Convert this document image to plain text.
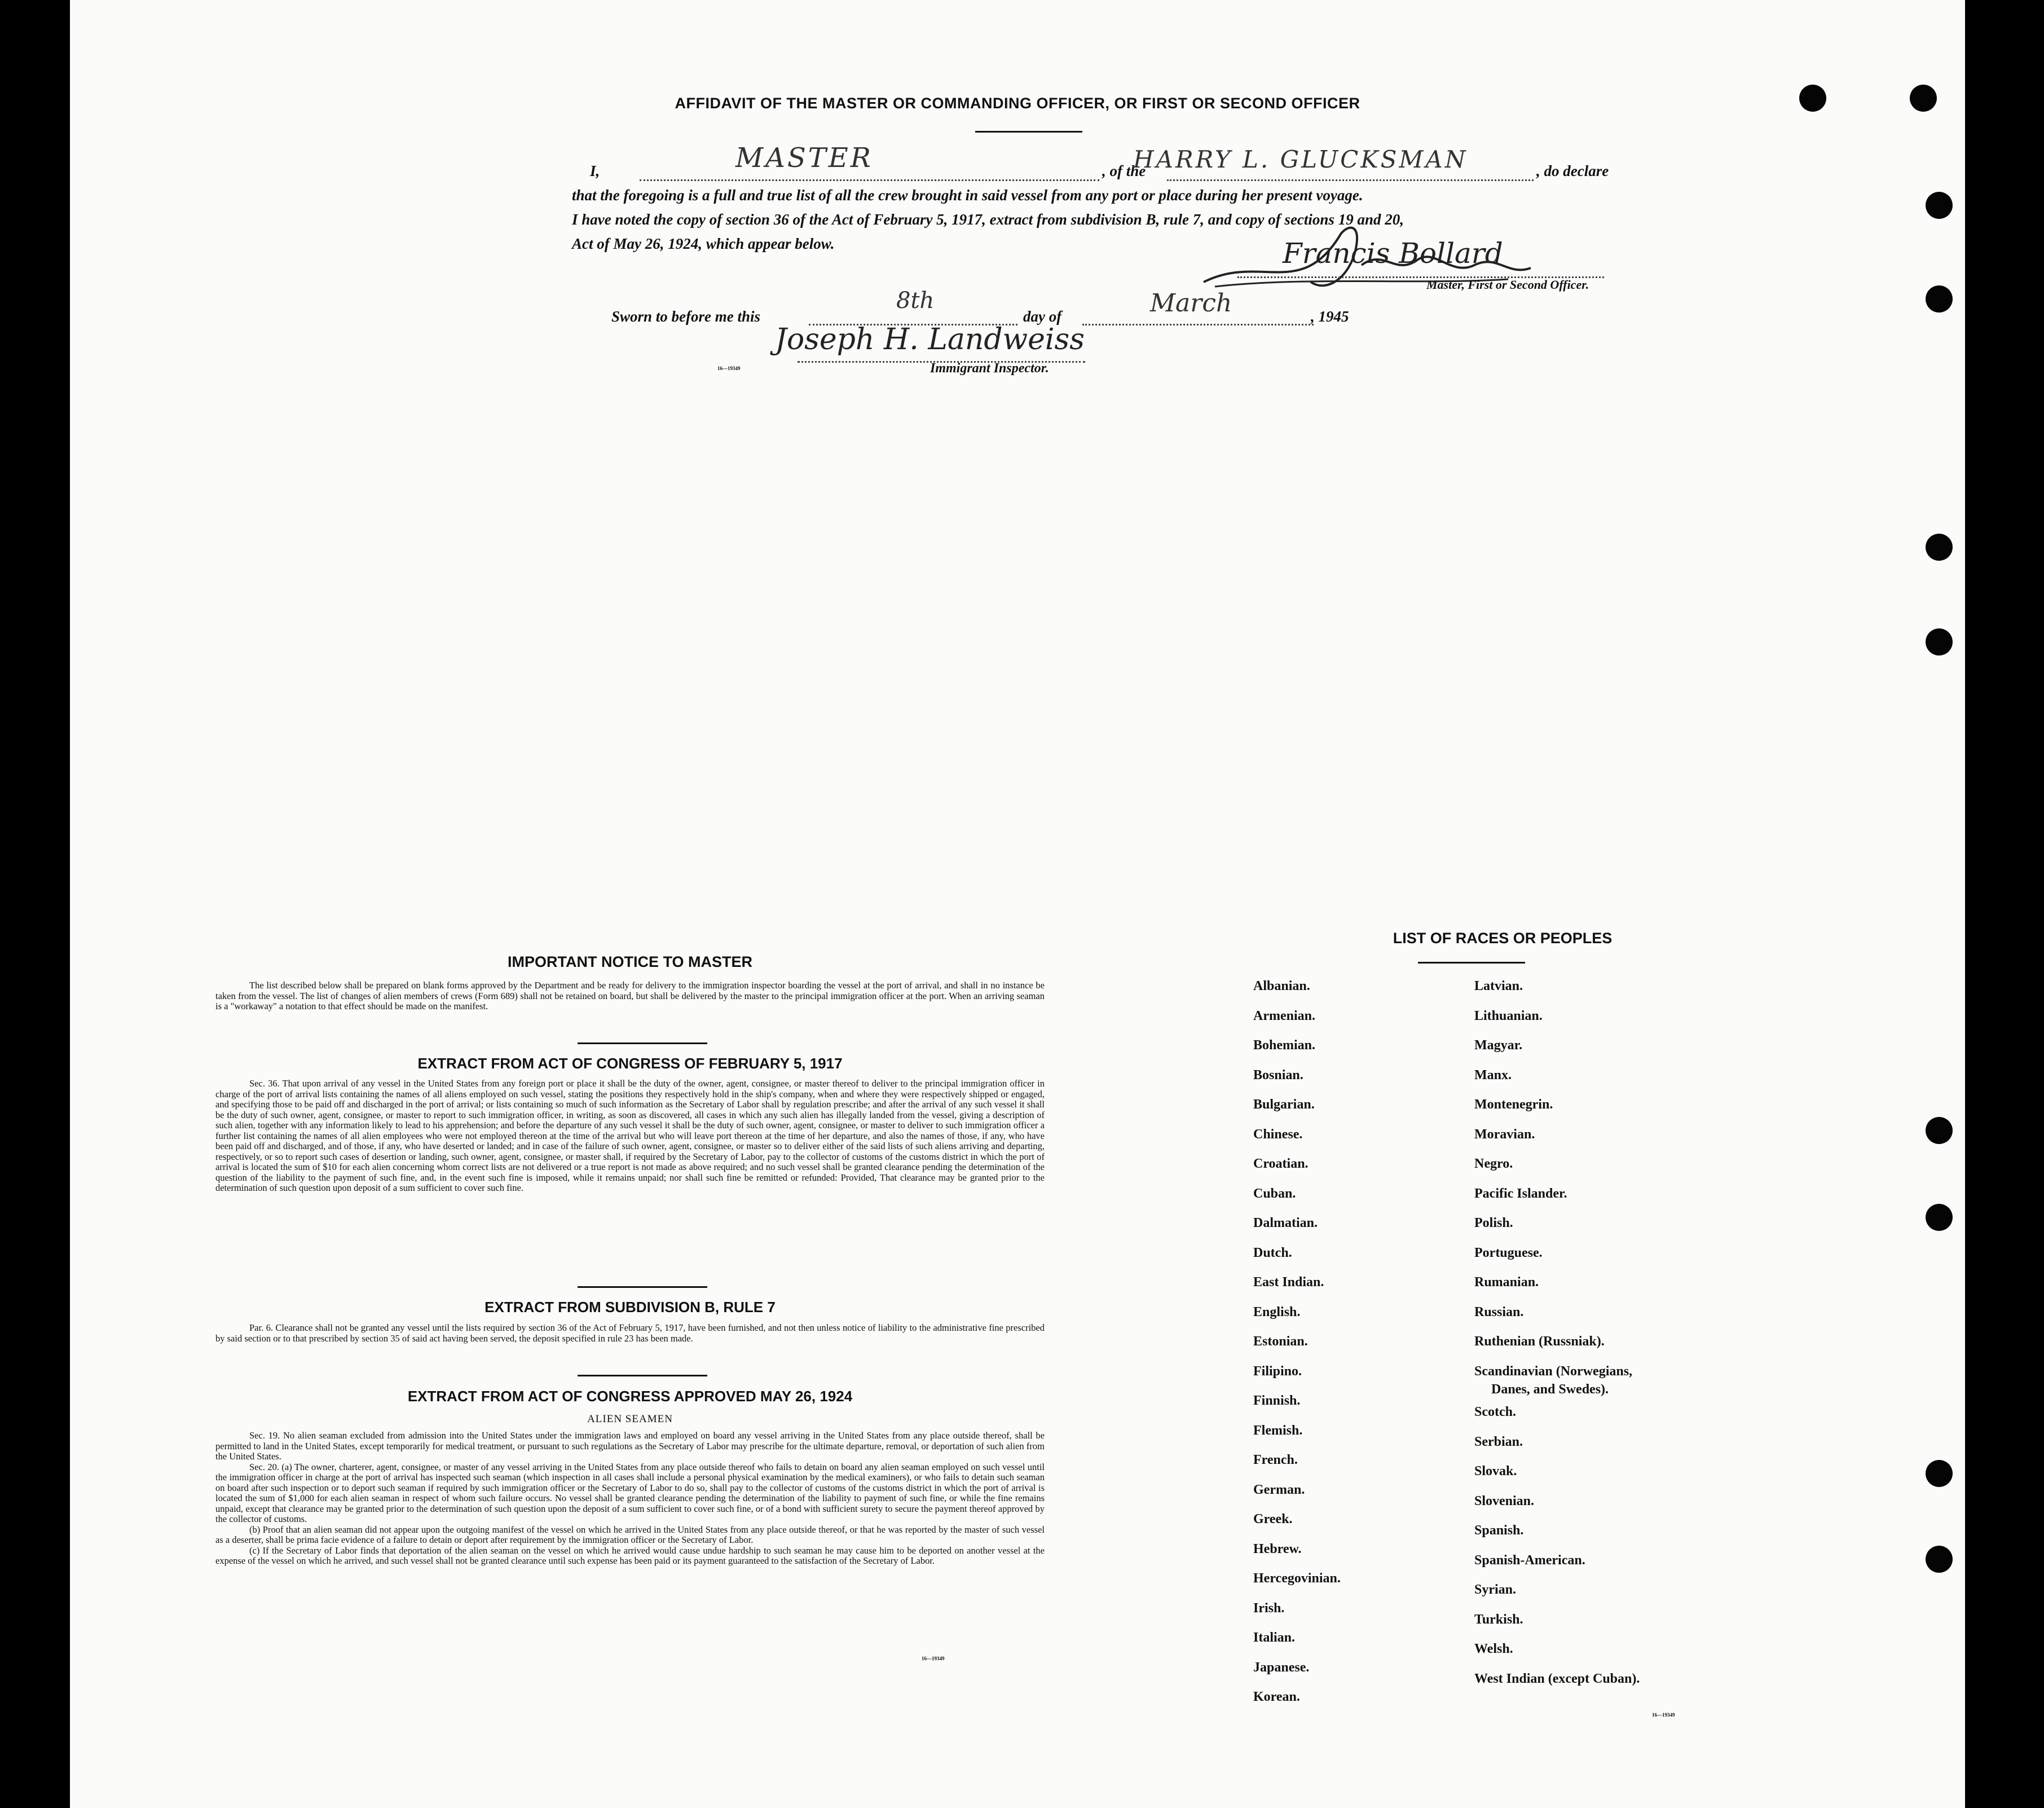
AFFIDAVIT OF THE MASTER OR COMMANDING OFFICER, OR FIRST OR SECOND OFFICER
I,	MASTER	, of the
HARRY L. GLUCKSMAN	, do declare
that the foregoing is a full and true list of all the crew brought in said vessel from any port or place during her present voyage.
I have noted the copy of section 36 of the Act of February 5, 1917, extract from subdivision B, rule 7, and copy of sections 19 and 20,
Act of May 26, 1924, which appear below.	Francis Bollard
Master, First or Second Officer.
Sworn to before me this
8th
day of	March	, 1945
Joseph H. Landweiss
16—19349	Immigrant Inspector.
IMPORTANT NOTICE TO MASTER
The list described below shall be prepared on blank forms approved by the Department and be ready for delivery to the immigration inspector boarding the vessel at the port of arrival, and shall in no instance be taken from the vessel. The list of changes of alien members of crews (Form 689) shall not be retained on board, but shall be delivered by the master to the principal immigration officer at the port. When an arriving seaman is a "workaway" a notation to that effect should be made on the manifest.
EXTRACT FROM ACT OF CONGRESS OF FEBRUARY 5, 1917
Sec. 36. That upon arrival of any vessel in the United States from any foreign port or place it shall be the duty of the owner, agent, consignee, or master thereof to deliver to the principal immigration officer in charge of the port of arrival lists containing the names of all aliens employed on such vessel, stating the positions they respectively hold in the ship's company, when and where they were respectively shipped or engaged, and specifying those to be paid off and discharged in the port of arrival; or lists containing so much of such information as the Secretary of Labor shall by regulation prescribe; and after the arrival of any such vessel it shall be the duty of such owner, agent, consignee, or master to report to such immigration officer, in writing, as soon as discovered, all cases in which any such alien has illegally landed from the vessel, giving a description of such alien, together with any information likely to lead to his apprehension; and before the departure of any such vessel it shall be the duty of such owner, agent, consignee, or master to deliver to such immigration officer a further list containing the names of all alien employees who were not employed thereon at the time of the arrival but who will leave port thereon at the time of her departure, and also the names of those, if any, who have been paid off and discharged, and of those, if any, who have deserted or landed; and in case of the failure of such owner, agent, consignee, or master so to deliver either of the said lists of such aliens arriving and departing, respectively, or so to report such cases of desertion or landing, such owner, agent, consignee, or master shall, if required by the Secretary of Labor, pay to the collector of customs of the customs district in which the port of arrival is located the sum of $10 for each alien concerning whom correct lists are not delivered or a true report is not made as above required; and no such vessel shall be granted clearance pending the determination of the question of the liability to the payment of such fine, and, in the event such fine is imposed, while it remains unpaid; nor shall such fine be remitted or refunded: Provided, That clearance may be granted prior to the determination of such question upon deposit of a sum sufficient to cover such fine.
EXTRACT FROM SUBDIVISION B, RULE 7
Par. 6. Clearance shall not be granted any vessel until the lists required by section 36 of the Act of February 5, 1917, have been furnished, and not then unless notice of liability to the administrative fine prescribed by said section or to that prescribed by section 35 of said act having been served, the deposit specified in rule 23 has been made.
EXTRACT FROM ACT OF CONGRESS APPROVED MAY 26, 1924
ALIEN SEAMEN
Sec. 19. No alien seaman excluded from admission into the United States under the immigration laws and employed on board any vessel arriving in the United States from any place outside thereof, shall be permitted to land in the United States, except temporarily for medical treatment, or pursuant to such regulations as the Secretary of Labor may prescribe for the ultimate departure, removal, or deportation of such alien from the United States.
Sec. 20. (a) The owner, charterer, agent, consignee, or master of any vessel arriving in the United States from any place outside thereof who fails to detain on board any alien seaman employed on such vessel until the immigration officer in charge at the port of arrival has inspected such seaman (which inspection in all cases shall include a personal physical examination by the medical examiners), or who fails to detain such seaman on board after such inspection or to deport such seaman if required by such immigration officer or the Secretary of Labor to do so, shall pay to the collector of customs of the customs district in which the port of arrival is located the sum of $1,000 for each alien seaman in respect of whom such failure occurs. No vessel shall be granted clearance pending the determination of the liability to payment of such fine, or while the fine remains unpaid, except that clearance may be granted prior to the determination of such question upon the deposit of a sum sufficient to cover such fine, or of a bond with sufficient surety to secure the payment thereof approved by the collector of customs.
(b) Proof that an alien seaman did not appear upon the outgoing manifest of the vessel on which he arrived in the United States from any place outside thereof, or that he was reported by the master of such vessel as a deserter, shall be prima facie evidence of a failure to detain or deport after requirement by the immigration officer or the Secretary of Labor.
(c) If the Secretary of Labor finds that deportation of the alien seaman on the vessel on which he arrived would cause undue hardship to such seaman he may cause him to be deported on another vessel at the expense of the vessel on which he arrived, and such vessel shall not be granted clearance until such expense has been paid or its payment guaranteed to the satisfaction of the Secretary of Labor.
16—19349
LIST OF RACES OR PEOPLES
16—19349
Albanian.
Armenian.
Bohemian.
Bosnian.
Bulgarian.
Chinese.
Croatian.
Cuban.
Dalmatian.
Dutch.
East Indian.
English.
Estonian.
Filipino.
Finnish.
Flemish.
French.
German.
Greek.
Hebrew.
Hercegovinian.
Irish.
Italian.
Japanese.
Korean.
Latvian.
Lithuanian.
Magyar.
Manx.
Montenegrin.
Moravian.
Negro.
Pacific Islander.
Polish.
Portuguese.
Rumanian.
Russian.
Ruthenian (Russniak).
Scandinavian (Norwegians,
Danes, and Swedes).
Scotch.
Serbian.
Slovak.
Slovenian.
Spanish.
Spanish-American.
Syrian.
Turkish.
Welsh.
West Indian (except Cuban).
